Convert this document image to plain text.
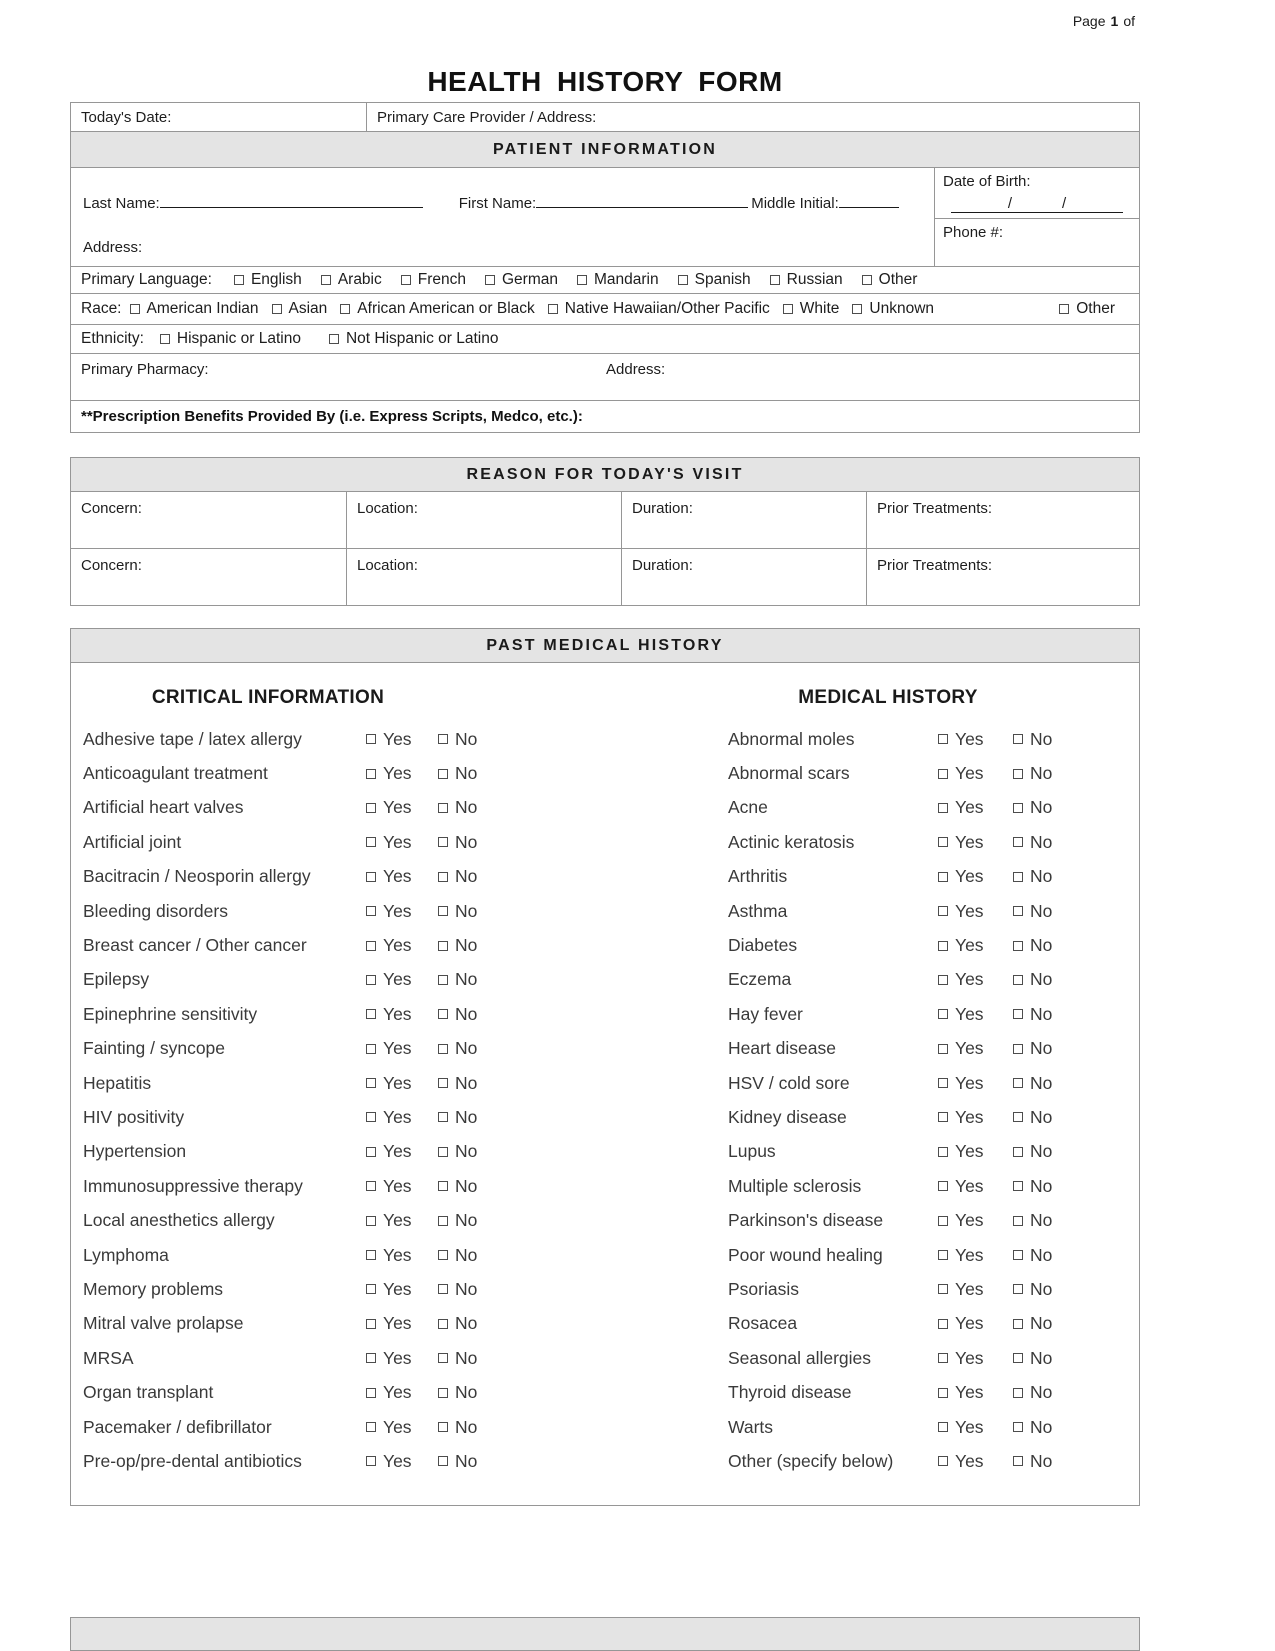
Page 1 of
HEALTH HISTORY FORM
Today's Date:	Primary Care Provider / Address:
PATIENT INFORMATION
Last Name:	First Name:	Middle Initial:
Address:
Date of Birth:
/            /
Phone #:
Primary Language:	English Arabic French German Mandarin Spanish Russian Other
Race: American Indian Asian African American or Black Native Hawaiian/Other Pacific White Unknown	Other
Ethnicity: Hispanic or Latino	Not Hispanic or Latino
Primary Pharmacy:	Address:
**Prescription Benefits Provided By (i.e. Express Scripts, Medco, etc.):
REASON FOR TODAY'S VISIT
Concern:	Location:	Duration:	Prior Treatments:
Concern:	Location:	Duration:	Prior Treatments:
PAST MEDICAL HISTORY
CRITICAL INFORMATION
Adhesive tape / latex allergy	Yes No
Anticoagulant treatment	Yes No
Artificial heart valves	Yes No
Artificial joint	Yes No
Bacitracin / Neosporin allergy	Yes No
Bleeding disorders	Yes No
Breast cancer / Other cancer	Yes No
Epilepsy	Yes No
Epinephrine sensitivity	Yes No
Fainting / syncope	Yes No
Hepatitis	Yes No
HIV positivity	Yes No
Hypertension	Yes No
Immunosuppressive therapy	Yes No
Local anesthetics allergy	Yes No
Lymphoma	Yes No
Memory problems	Yes No
Mitral valve prolapse	Yes No
MRSA	Yes No
Organ transplant	Yes No
Pacemaker / defibrillator	Yes No
Pre-op/pre-dental antibiotics	Yes No
MEDICAL HISTORY
Abnormal moles	Yes	No
Abnormal scars	Yes	No
Acne	Yes	No
Actinic keratosis	Yes	No
Arthritis	Yes	No
Asthma	Yes	No
Diabetes	Yes	No
Eczema	Yes	No
Hay fever	Yes	No
Heart disease	Yes	No
HSV / cold sore	Yes	No
Kidney disease	Yes	No
Lupus	Yes	No
Multiple sclerosis	Yes	No
Parkinson's disease	Yes	No
Poor wound healing	Yes	No
Psoriasis	Yes	No
Rosacea	Yes	No
Seasonal allergies	Yes	No
Thyroid disease	Yes	No
Warts	Yes	No
Other (specify below)	Yes	No
